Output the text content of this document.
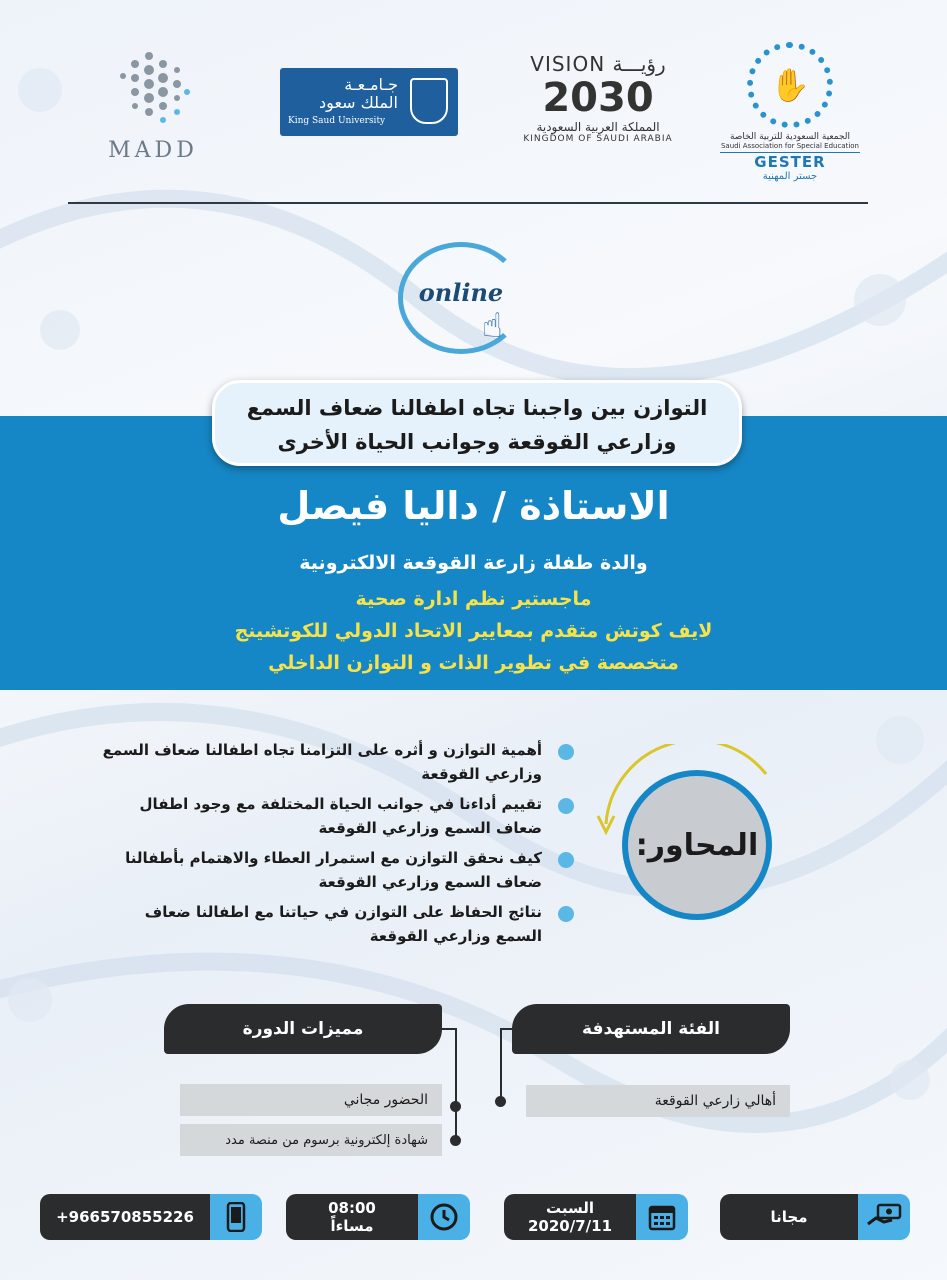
MADD
جـامـعـة
الملك سعود
King Saud University
VISION رؤيـــة
2030
المملكة العربية السعودية
KINGDOM OF SAUDI ARABIA
✋
الجمعية السعودية للتربية الخاصة
Saudi Association for Special Education
GESTER
جستر المهنية
online
☝
التوازن بين واجبنا تجاه اطفالنا ضعاف السمع
وزارعي القوقعة وجوانب الحياة الأخرى
الاستاذة / داليا فيصل
والدة طفلة زارعة القوقعة الالكترونية
ماجستير نظم ادارة صحية
لايف كوتش متقدم بمعايير الاتحاد الدولي للكوتشينج
متخصصة في تطوير الذات و التوازن الداخلي
المحاور:
أهمية التوازن و أثره على التزامنا تجاه اطفالنا ضعاف السمع وزارعي القوقعة
تقييم أداءنا في جوانب الحياة المختلفة مع وجود اطفال ضعاف السمع وزارعي القوقعة
كيف نحقق التوازن مع استمرار العطاء والاهتمام بأطفالنا ضعاف السمع وزارعي القوقعة
نتائج الحفاظ على التوازن في حياتنا مع اطفالنا ضعاف السمع وزارعي القوقعة
الفئة المستهدفة
أهالي زارعي القوقعة
مميزات الدورة
الحضور مجاني
شهادة إلكترونية برسوم من منصة مدد
+966570855226	08:00
مساءاً
السبت
2020/7/11	مجانا
